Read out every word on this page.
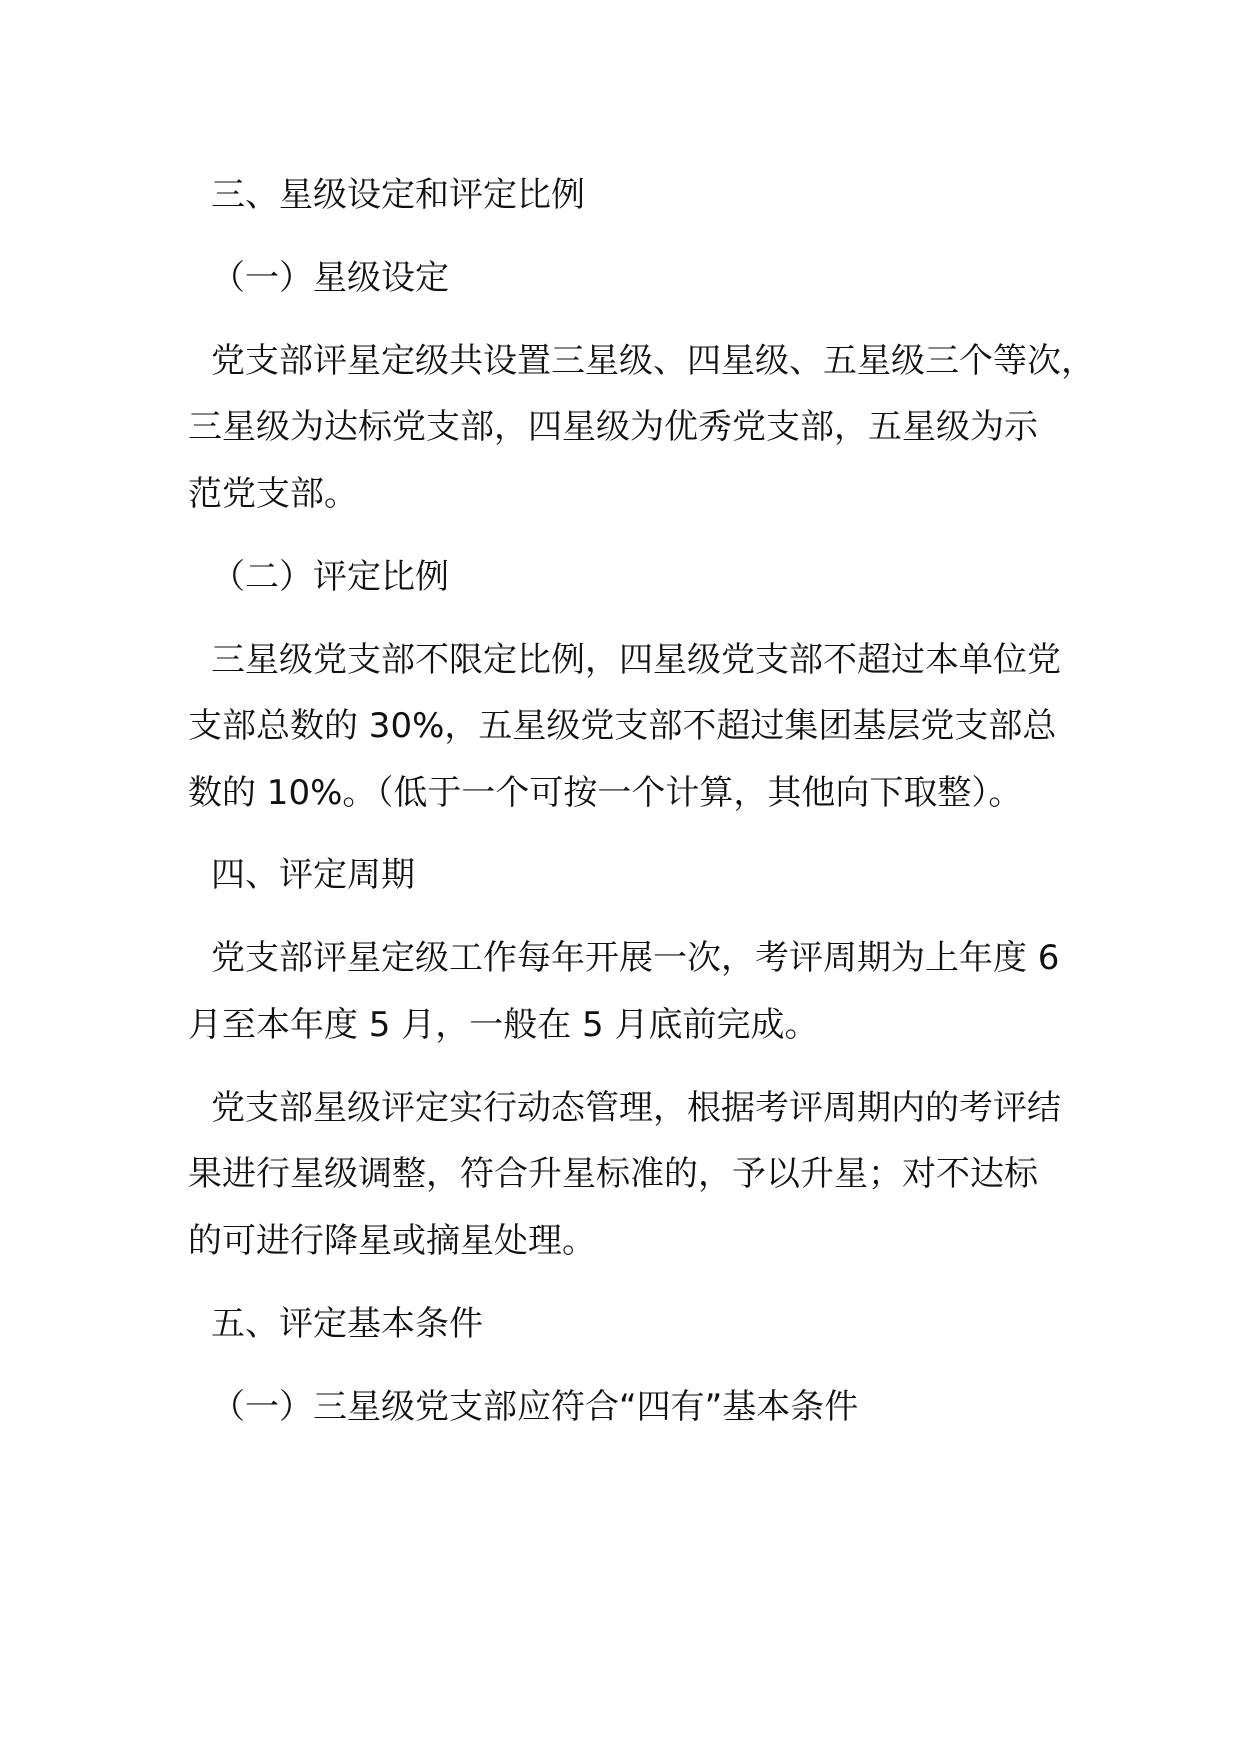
三、星级设定和评定比例
（一）星级设定
党支部评星定级共设置三星级、四星级、五星级三个等次，
三星级为达标党支部，四星级为优秀党支部，五星级为示
范党支部。
（二）评定比例
三星级党支部不限定比例，四星级党支部不超过本单位党
支部总数的 30%，五星级党支部不超过集团基层党支部总
数的 10%。（低于一个可按一个计算，其他向下取整）。
四、评定周期
党支部评星定级工作每年开展一次，考评周期为上年度 6
月至本年度 5 月，一般在 5 月底前完成。
党支部星级评定实行动态管理，根据考评周期内的考评结
果进行星级调整，符合升星标准的，予以升星；对不达标
的可进行降星或摘星处理。
五、评定基本条件
（一）三星级党支部应符合“四有”基本条件
